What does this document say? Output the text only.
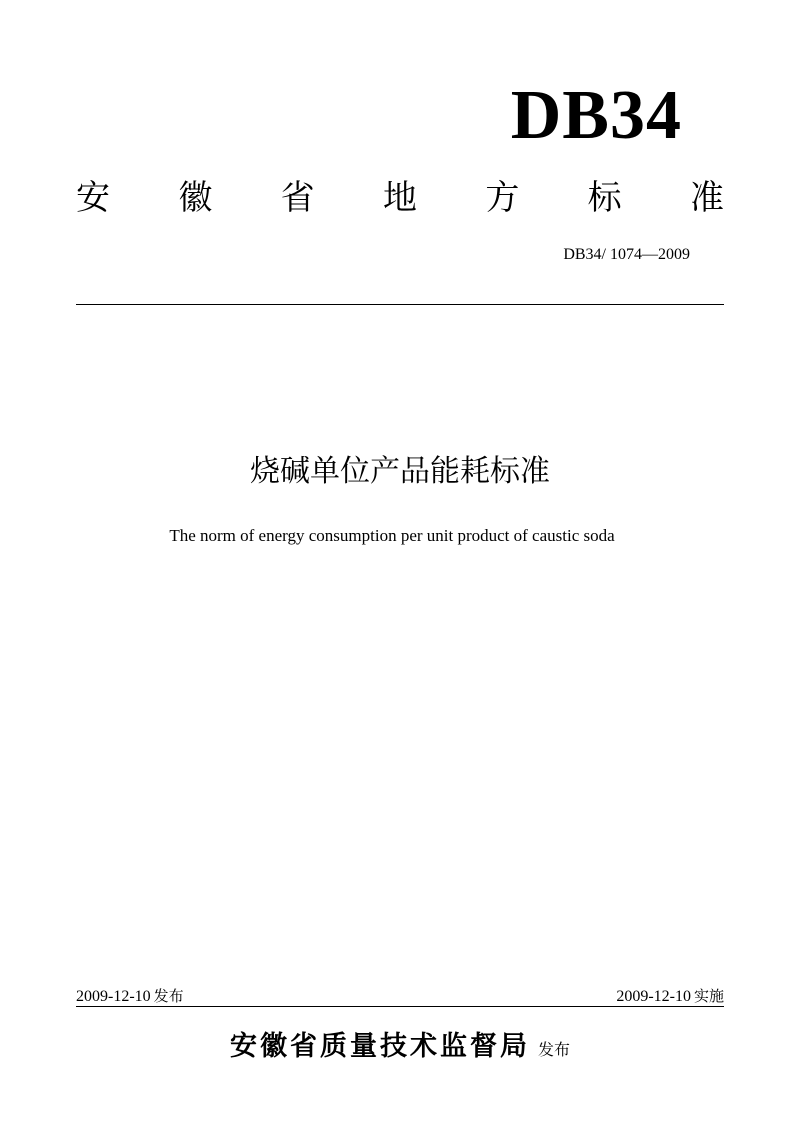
DB34
安 徽 省 地 方 标 准

DB34/ 1074—2009

烧碱单位产品能耗标准

The norm of energy consumption per unit product of caustic soda

2009-12-10 发布	2009-12-10 实施
安徽省质量技术监督局 发布
